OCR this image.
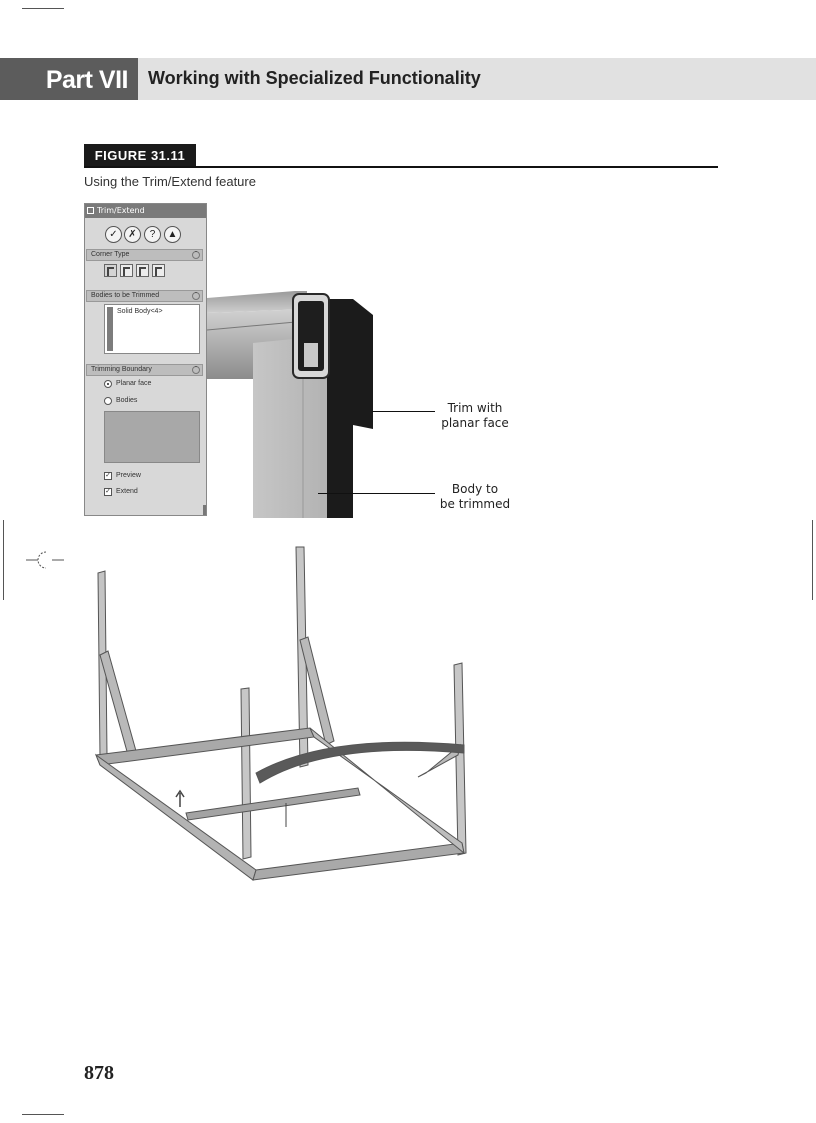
Part VII Working with Specialized Functionality
FIGURE 31.11
Using the Trim/Extend feature
Trim/Extend
✓	✗	?	▲
Corner Type	ˆ
Bodies to be Trimmed	ˆ
Solid Body<4>
Trimming Boundary	ˆ
Planar face
Bodies
✓ Preview
✓ Extend
Trim with
planar face
Body to
be trimmed
878
